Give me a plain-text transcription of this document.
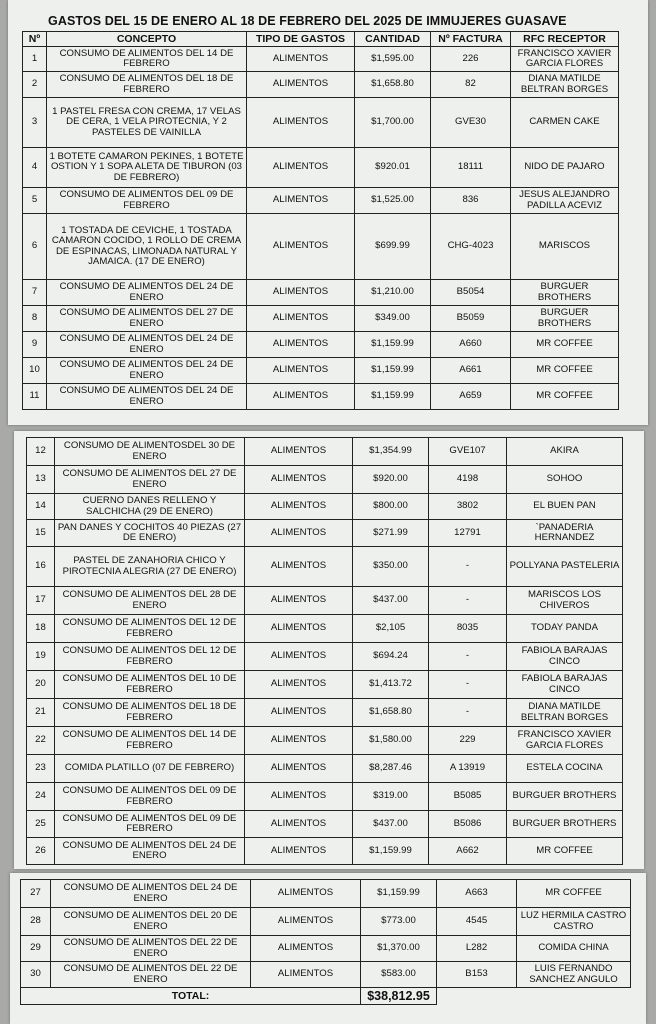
GASTOS DEL 15 DE ENERO AL 18 DE FEBRERO DEL 2025 DE IMMUJERES GUASAVE
Nº	CONCEPTO	TIPO DE GASTOS	CANTIDAD	Nº FACTURA	RFC RECEPTOR
1	CONSUMO DE ALIMENTOS DEL 14 DE FEBRERO	ALIMENTOS	$1,595.00	226	FRANCISCO XAVIER GARCIA FLORES
2	CONSUMO DE ALIMENTOS DEL 18 DE FEBRERO	ALIMENTOS	$1,658.80	82	DIANA MATILDE BELTRAN BORGES
3	1 PASTEL FRESA CON CREMA, 17 VELAS DE CERA, 1 VELA PIROTECNIA, Y 2 PASTELES DE VAINILLA	ALIMENTOS	$1,700.00	GVE30	CARMEN CAKE
4	1 BOTETE CAMARON PEKINES, 1 BOTETE OSTION Y 1 SOPA ALETA DE TIBURON (03 DE FEBRERO)	ALIMENTOS	$920.01	18111	NIDO DE PAJARO
5	CONSUMO DE ALIMENTOS DEL 09 DE FEBRERO	ALIMENTOS	$1,525.00	836	JESUS ALEJANDRO PADILLA ACEVIZ
6	1 TOSTADA DE CEVICHE, 1 TOSTADA CAMARON COCIDO, 1 ROLLO DE CREMA DE ESPINACAS, LIMONADA NATURAL Y JAMAICA. (17 DE ENERO)	ALIMENTOS	$699.99	CHG-4023	MARISCOS
7	CONSUMO DE ALIMENTOS DEL 24 DE ENERO	ALIMENTOS	$1,210.00	B5054	BURGUER BROTHERS
8	CONSUMO DE ALIMENTOS DEL 27 DE ENERO	ALIMENTOS	$349.00	B5059	BURGUER BROTHERS
9	CONSUMO DE ALIMENTOS DEL 24 DE ENERO	ALIMENTOS	$1,159.99	A660	MR COFFEE
10	CONSUMO DE ALIMENTOS DEL 24 DE ENERO	ALIMENTOS	$1,159.99	A661	MR COFFEE
11	CONSUMO DE ALIMENTOS DEL 24 DE ENERO	ALIMENTOS	$1,159.99	A659	MR COFFEE
12	CONSUMO DE ALIMENTOSDEL 30 DE ENERO	ALIMENTOS	$1,354.99	GVE107	AKIRA
13	CONSUMO DE ALIMENTOS DEL 27 DE ENERO	ALIMENTOS	$920.00	4198	SOHOO
14	CUERNO DANES RELLENO Y SALCHICHA (29 DE ENERO)	ALIMENTOS	$800.00	3802	EL BUEN PAN
15	PAN DANES Y COCHITOS 40 PIEZAS (27 DE ENERO)	ALIMENTOS	$271.99	12791	`PANADERIA HERNANDEZ
16	PASTEL DE ZANAHORIA CHICO Y PIROTECNIA ALEGRIA (27 DE ENERO)	ALIMENTOS	$350.00	-	POLLYANA PASTELERIA
17	CONSUMO DE ALIMENTOS DEL 28 DE ENERO	ALIMENTOS	$437.00	-	MARISCOS LOS CHIVEROS
18	CONSUMO DE ALIMENTOS DEL 12 DE FEBRERO	ALIMENTOS	$2,105	8035	TODAY PANDA
19	CONSUMO DE ALIMENTOS DEL 12 DE FEBRERO	ALIMENTOS	$694.24	-	FABIOLA BARAJAS CINCO
20	CONSUMO DE ALIMENTOS DEL 10 DE FEBRERO	ALIMENTOS	$1,413.72	-	FABIOLA BARAJAS CINCO
21	CONSUMO DE ALIMENTOS DEL 18 DE FEBRERO	ALIMENTOS	$1,658.80	-	DIANA MATILDE BELTRAN BORGES
22	CONSUMO DE ALIMENTOS DEL 14 DE FEBRERO	ALIMENTOS	$1,580.00	229	FRANCISCO XAVIER GARCIA FLORES
23	COMIDA PLATILLO (07 DE FEBRERO)	ALIMENTOS	$8,287.46	A 13919	ESTELA COCINA
24	CONSUMO DE ALIMENTOS DEL 09 DE FEBRERO	ALIMENTOS	$319.00	B5085	BURGUER BROTHERS
25	CONSUMO DE ALIMENTOS DEL 09 DE FEBRERO	ALIMENTOS	$437.00	B5086	BURGUER BROTHERS
26	CONSUMO DE ALIMENTOS DEL 24 DE ENERO	ALIMENTOS	$1,159.99	A662	MR COFFEE
27	CONSUMO DE ALIMENTOS DEL 24 DE ENERO	ALIMENTOS	$1,159.99	A663	MR COFFEE
28	CONSUMO DE ALIMENTOS DEL 20 DE ENERO	ALIMENTOS	$773.00	4545	LUZ HERMILA CASTRO CASTRO
29	CONSUMO DE ALIMENTOS DEL 22 DE ENERO	ALIMENTOS	$1,370.00	L282	COMIDA CHINA
30	CONSUMO DE ALIMENTOS DEL 22 DE ENERO	ALIMENTOS	$583.00	B153	LUIS FERNANDO SANCHEZ ANGULO
TOTAL:			$38,812.95		
